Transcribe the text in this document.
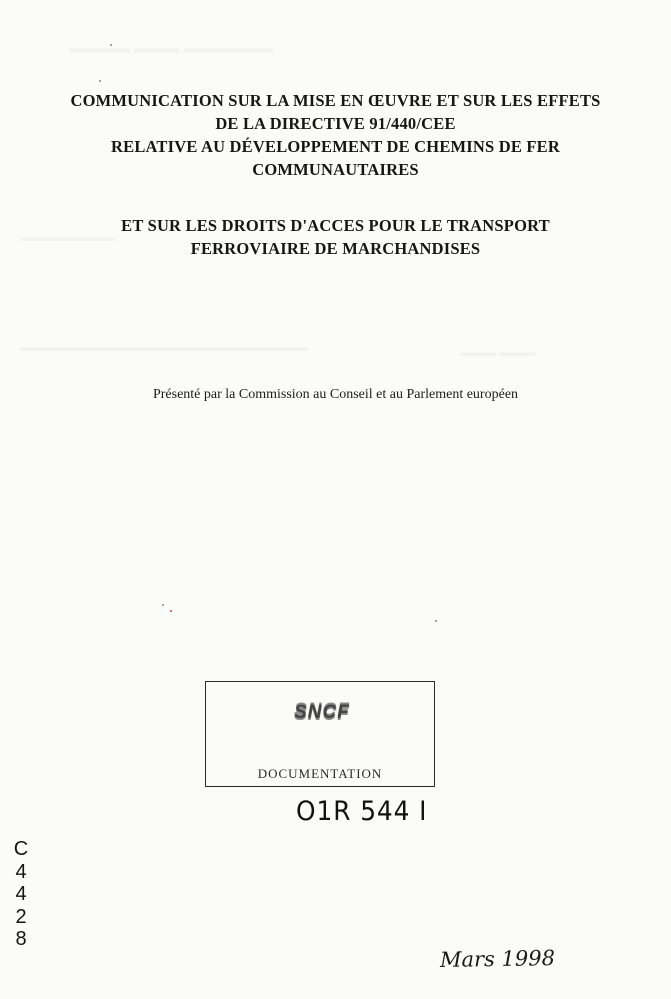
COMMUNICATION SUR LA MISE EN ŒUVRE ET SUR LES EFFETS
DE LA DIRECTIVE 91/440/CEE
RELATIVE AU DÉVELOPPEMENT DE CHEMINS DE FER
COMMUNAUTAIRES
ET SUR LES DROITS D'ACCES POUR LE TRANSPORT
FERROVIAIRE DE MARCHANDISES
Présenté par la Commission au Conseil et au Parlement européen
SNCF
DOCUMENTATION
O1R 544 I
C
4
4
2
8
Mars 1998
